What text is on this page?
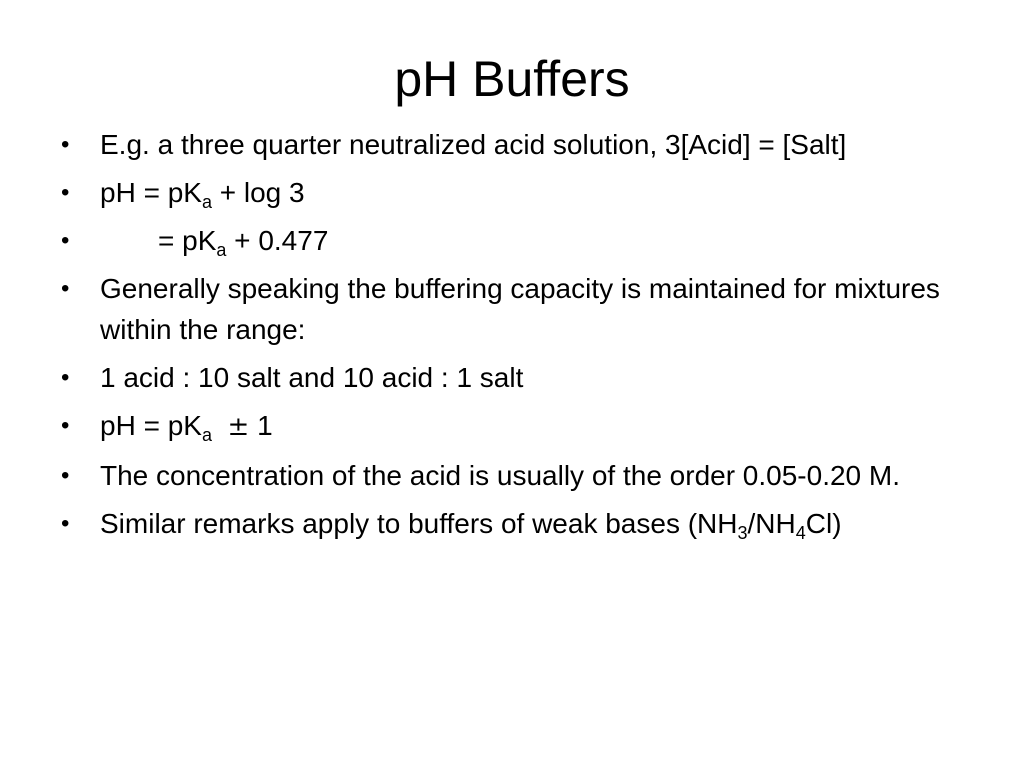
pH Buffers
• E.g. a three quarter neutralized acid solution, 3[Acid] = [Salt]
• pH = $pK_a + \log 3$
•	= $pK_a + 0.477$
• Generally speaking the buffering capacity is maintained for mixtures within the range:
• 1 acid : 10 salt and 10 acid : 1 salt
• pH = $pK_a \pm 1$
• The concentration of the acid is usually of the order 0.05-0.20 M.
• Similar remarks apply to buffers of weak bases $(NH_3/NH_4Cl)$
